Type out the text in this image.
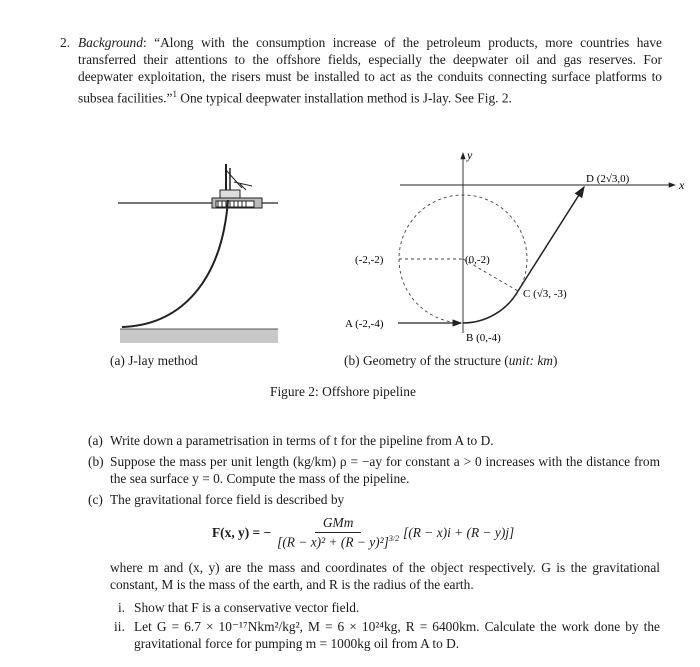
2. Background: “Along with the consumption increase of the petroleum products, more countries have transferred their attentions to the offshore fields, especially the deepwater oil and gas reserves. For deepwater exploitation, the risers must be installed to act as the conduits connecting surface platforms to subsea facilities.”$^1$ One typical deepwater installation method is J-lay. See Fig. 2.
y
x
D (2√3,0)
(0,-2)
(-2,-2)
C (√3, -3)
A (-2,-4)
B (0,-4)
(a) J-lay method	(b) Geometry of the structure (unit: km)
Figure 2: Offshore pipeline
(a) Write down a parametrisation in terms of t for the pipeline from A to D.
(b) Suppose the mass per unit length (kg/km) ρ = −ay for constant a > 0 increases with the distance from the sea surface y = 0. Compute the mass of the pipeline.
(c) The gravitational force field is described by
F(x, y) = −
GMm
$[(R - x)^2 + (R - y)^2]^{3/2}$ [(R − x)i + (R − y)j]
where m and (x, y) are the mass and coordinates of the object respectively. G is the gravitational constant, M is the mass of the earth, and R is the radius of the earth.
i. Show that F is a conservative vector field.
ii. Let G = 6.7 × 10⁻¹⁷Nkm²/kg², M = 6 × 10²⁴kg, R = 6400km. Calculate the work done by the gravitational force for pumping m = 1000kg oil from A to D.
